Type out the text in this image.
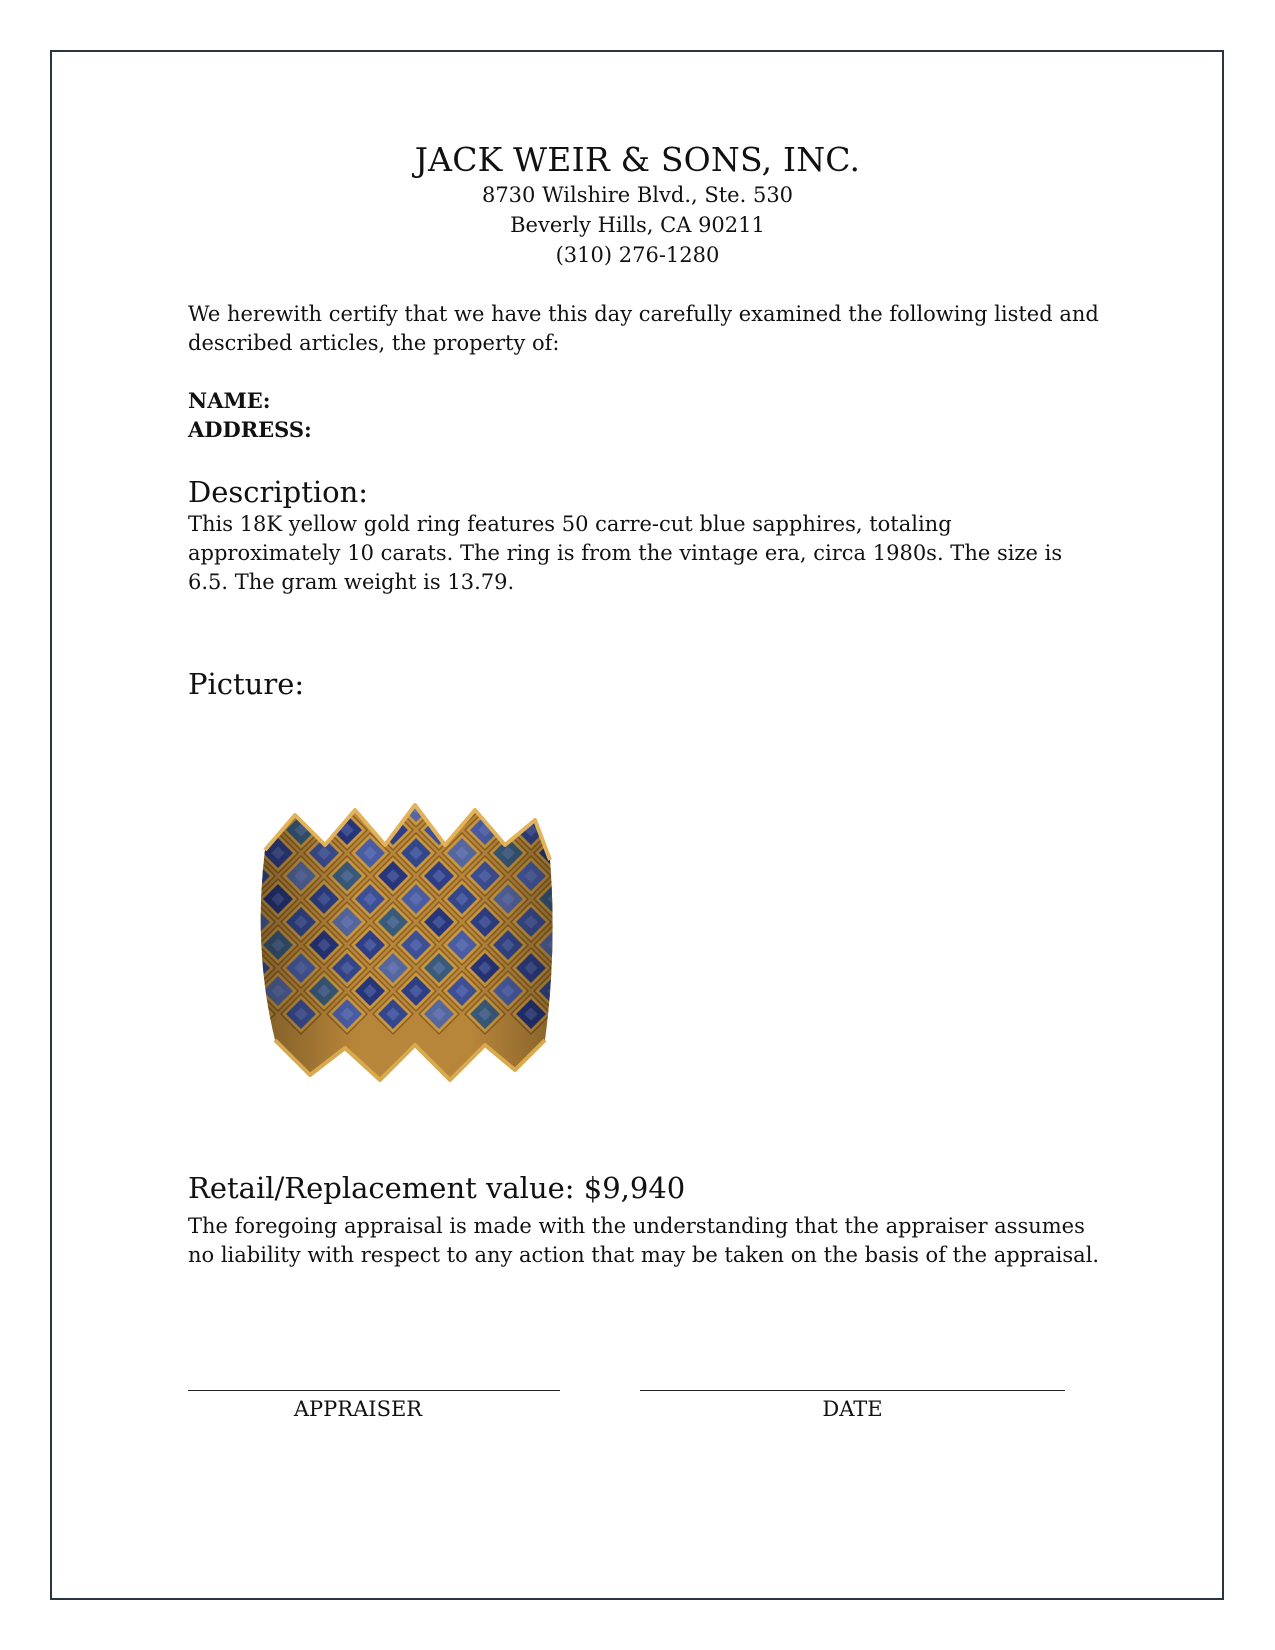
JACK WEIR & SONS, INC.
8730 Wilshire Blvd., Ste. 530
Beverly Hills, CA 90211
(310) 276-1280

We herewith certify that we have this day carefully examined the following listed and described articles, the property of:

NAME:
ADDRESS:
Description:

This 18K yellow gold ring features 50 carre-cut blue sapphires, totaling approximately 10 carats. The ring is from the vintage era, circa 1980s. The size is 6.5. The gram weight is 13.79.

Picture:
Retail/Replacement value: $9,940

The foregoing appraisal is made with the understanding that the appraiser assumes no liability with respect to any action that may be taken on the basis of the appraisal.

APPRAISER	DATE
